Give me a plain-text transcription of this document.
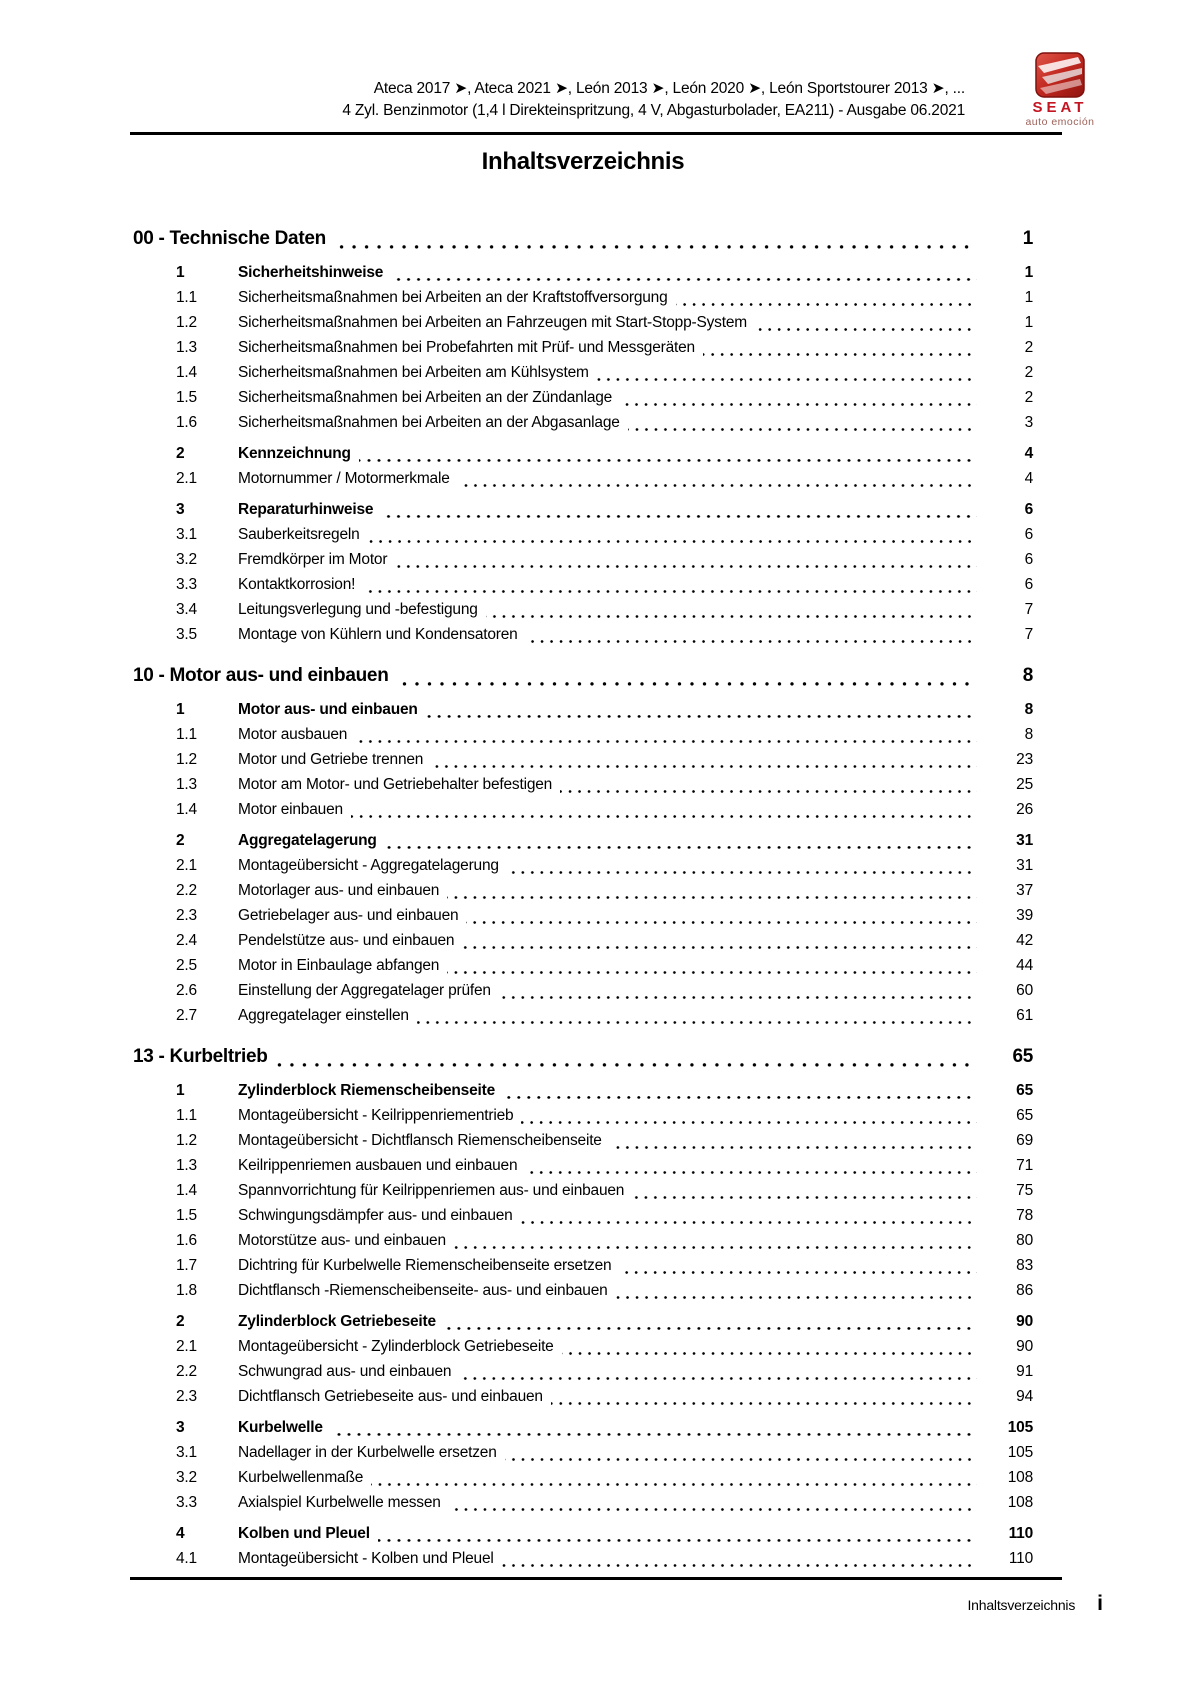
Ateca 2017 ➤, Ateca 2021 ➤, León 2013 ➤, León 2020 ➤, León Sportstourer 2013 ➤, ...
4 Zyl. Benzinmotor (1,4 l Direkteinspritzung, 4 V, Abgasturbolader, EA211) - Ausgabe 06.2021	SEAT
auto emoción
Inhaltsverzeichnis
00 - Technische Daten	1
1	Sicherheitshinweise	1
1.1	Sicherheitsmaßnahmen bei Arbeiten an der Kraftstoffversorgung	1
1.2	Sicherheitsmaßnahmen bei Arbeiten an Fahrzeugen mit Start-Stopp-System	1
1.3	Sicherheitsmaßnahmen bei Probefahrten mit Prüf- und Messgeräten	2
1.4	Sicherheitsmaßnahmen bei Arbeiten am Kühlsystem	2
1.5	Sicherheitsmaßnahmen bei Arbeiten an der Zündanlage	2
1.6	Sicherheitsmaßnahmen bei Arbeiten an der Abgasanlage	3
2	Kennzeichnung	4
2.1	Motornummer / Motormerkmale	4
3	Reparaturhinweise	6
3.1	Sauberkeitsregeln	6
3.2	Fremdkörper im Motor	6
3.3	Kontaktkorrosion!	6
3.4	Leitungsverlegung und -befestigung	7
3.5	Montage von Kühlern und Kondensatoren	7
10 - Motor aus- und einbauen	8
1	Motor aus- und einbauen	8
1.1	Motor ausbauen	8
1.2	Motor und Getriebe trennen	23
1.3	Motor am Motor- und Getriebehalter befestigen	25
1.4	Motor einbauen	26
2	Aggregatelagerung	31
2.1	Montageübersicht - Aggregatelagerung	31
2.2	Motorlager aus- und einbauen	37
2.3	Getriebelager aus- und einbauen	39
2.4	Pendelstütze aus- und einbauen	42
2.5	Motor in Einbaulage abfangen	44
2.6	Einstellung der Aggregatelager prüfen	60
2.7	Aggregatelager einstellen	61
13 - Kurbeltrieb	65
1	Zylinderblock Riemenscheibenseite	65
1.1	Montageübersicht - Keilrippenriementrieb	65
1.2	Montageübersicht - Dichtflansch Riemenscheibenseite	69
1.3	Keilrippenriemen ausbauen und einbauen	71
1.4	Spannvorrichtung für Keilrippenriemen aus- und einbauen	75
1.5	Schwingungsdämpfer aus- und einbauen	78
1.6	Motorstütze aus- und einbauen	80
1.7	Dichtring für Kurbelwelle Riemenscheibenseite ersetzen	83
1.8	Dichtflansch -Riemenscheibenseite- aus- und einbauen	86
2	Zylinderblock Getriebeseite	90
2.1	Montageübersicht - Zylinderblock Getriebeseite	90
2.2	Schwungrad aus- und einbauen	91
2.3	Dichtflansch Getriebeseite aus- und einbauen	94
3	Kurbelwelle	105
3.1	Nadellager in der Kurbelwelle ersetzen	105
3.2	Kurbelwellenmaße	108
3.3	Axialspiel Kurbelwelle messen	108
4	Kolben und Pleuel	110
4.1	Montageübersicht - Kolben und Pleuel	110
Inhaltsverzeichnis i
